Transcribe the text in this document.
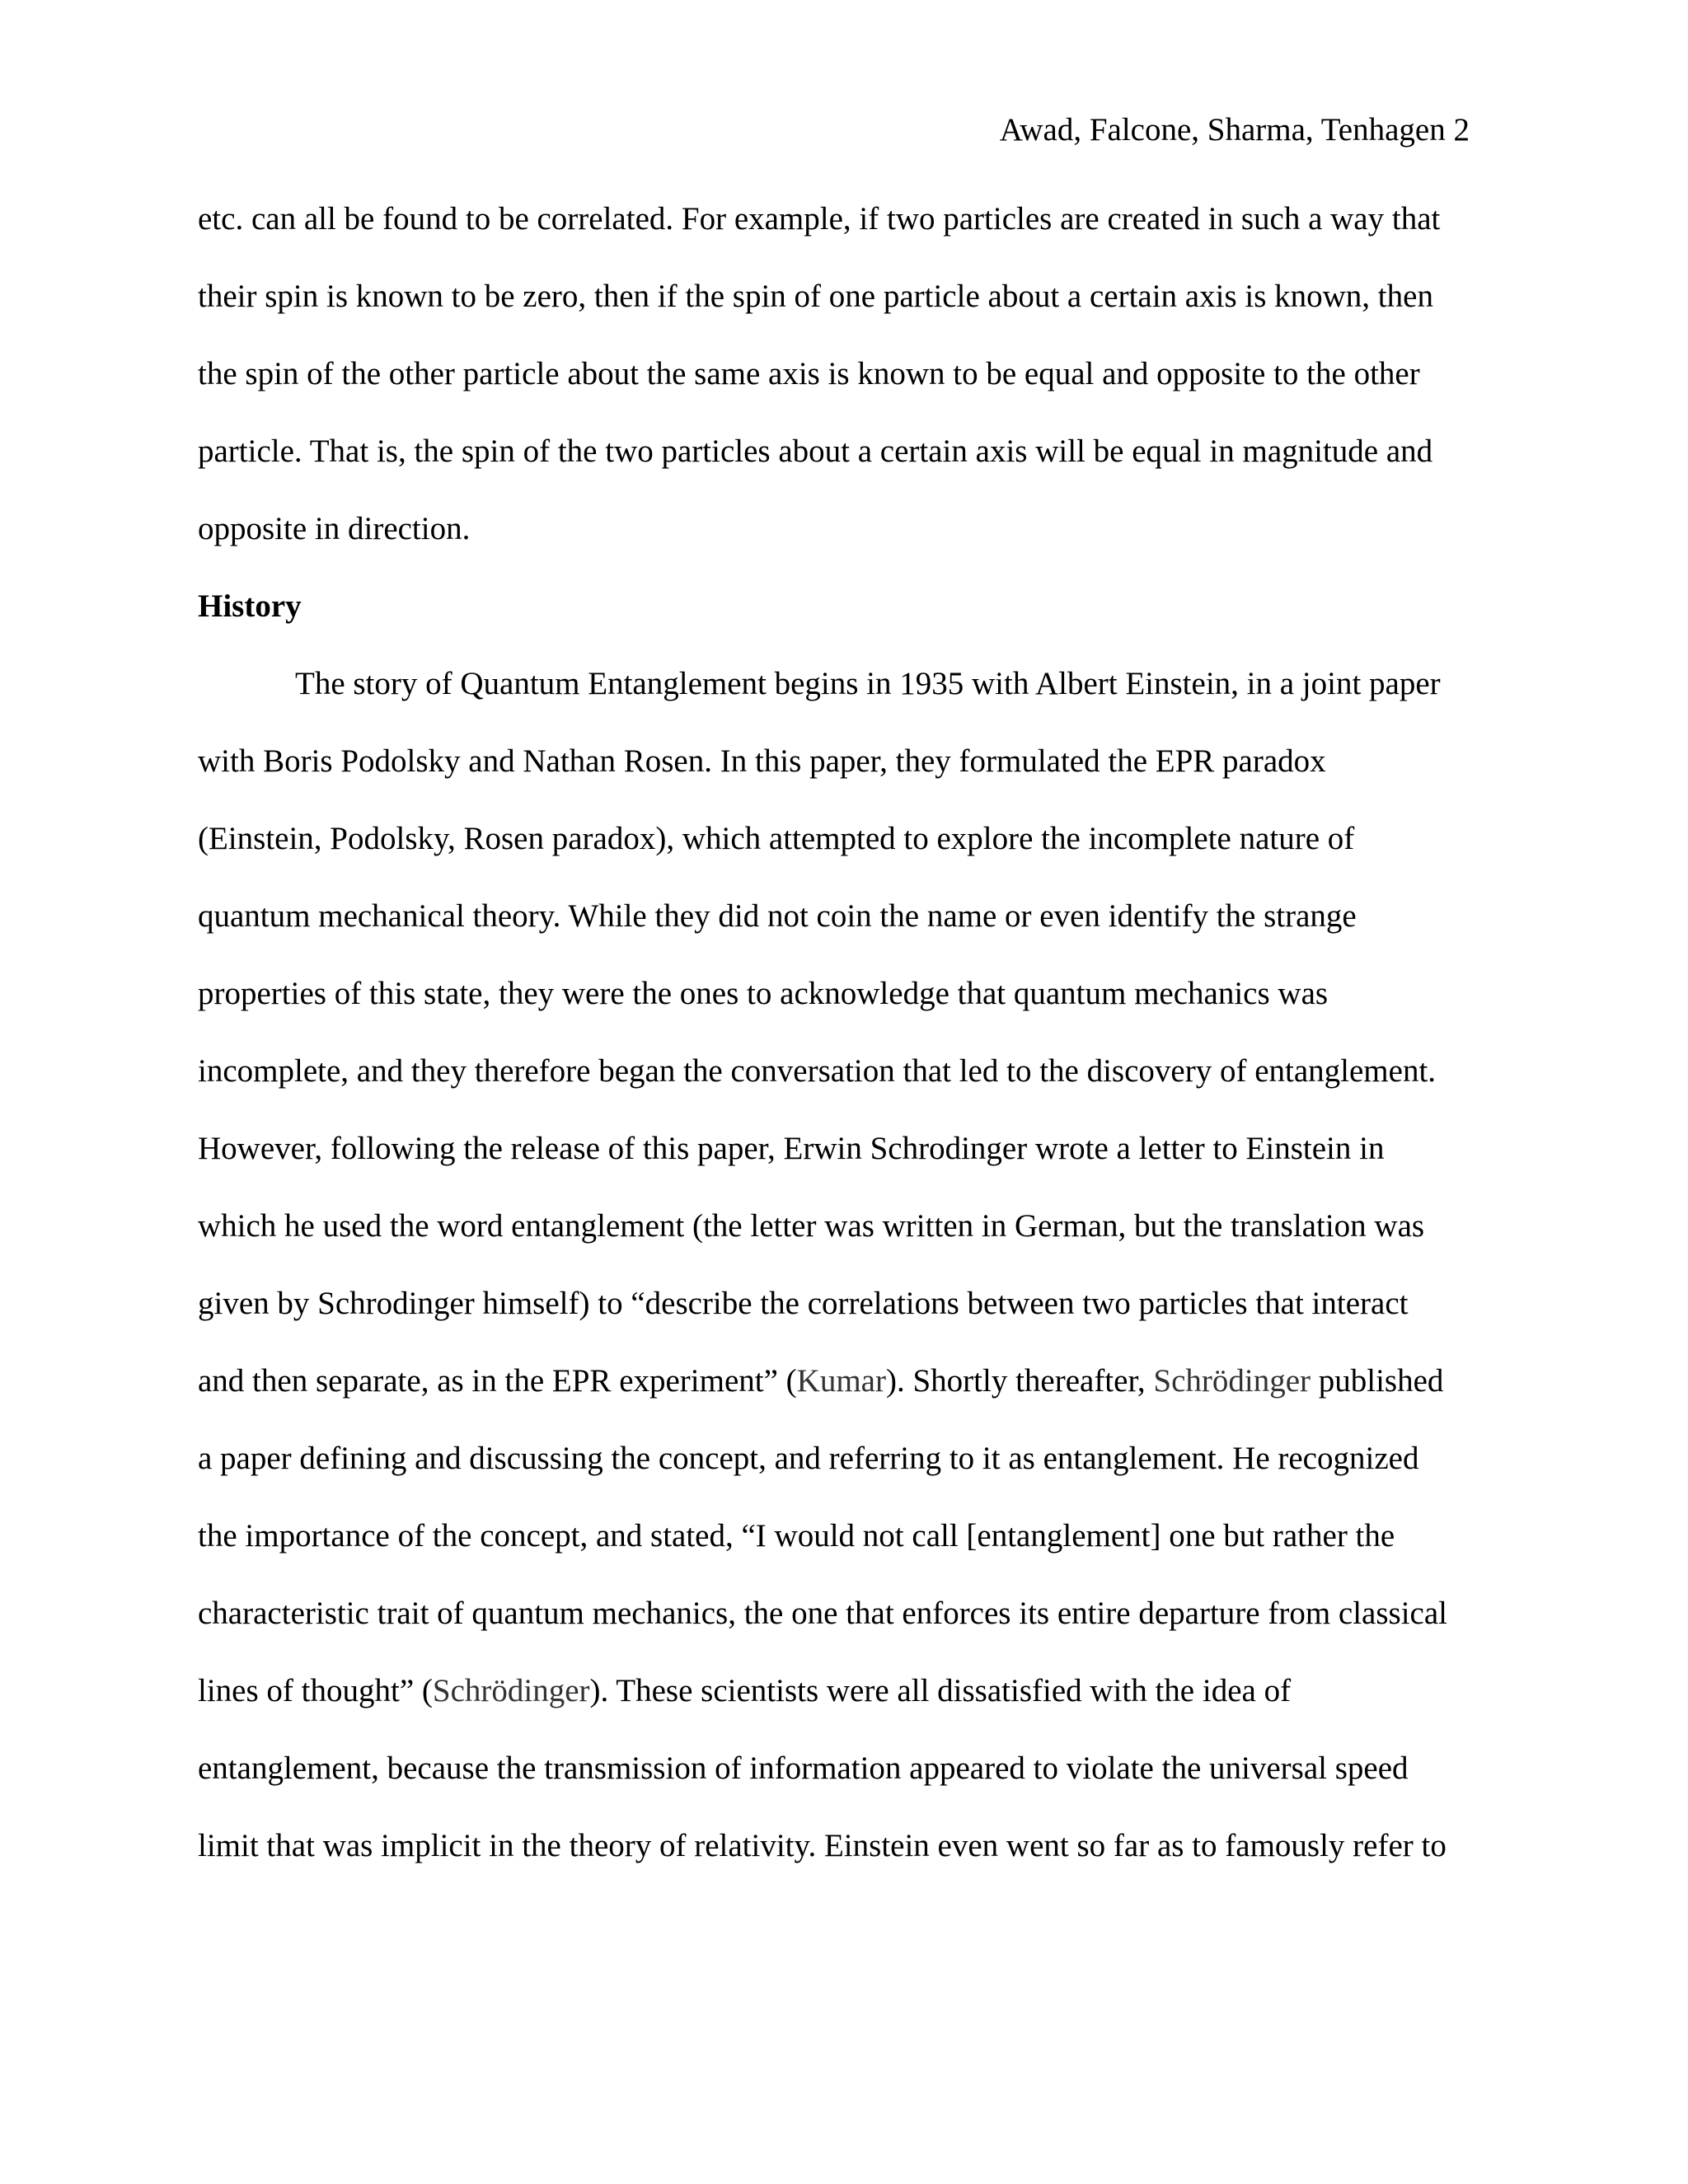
Awad, Falcone, Sharma, Tenhagen 2
etc. can all be found to be correlated. For example, if two particles are created in such a way that
their spin is known to be zero, then if the spin of one particle about a certain axis is known, then
the spin of the other particle about the same axis is known to be equal and opposite to the other
particle. That is, the spin of the two particles about a certain axis will be equal in magnitude and
opposite in direction.
History
The story of Quantum Entanglement begins in 1935 with Albert Einstein, in a joint paper
with Boris Podolsky and Nathan Rosen. In this paper, they formulated the EPR paradox
(Einstein, Podolsky, Rosen paradox), which attempted to explore the incomplete nature of
quantum mechanical theory. While they did not coin the name or even identify the strange
properties of this state, they were the ones to acknowledge that quantum mechanics was
incomplete, and they therefore began the conversation that led to the discovery of entanglement.
However, following the release of this paper, Erwin Schrodinger wrote a letter to Einstein in
which he used the word entanglement (the letter was written in German, but the translation was
given by Schrodinger himself) to “describe the correlations between two particles that interact
and then separate, as in the EPR experiment” (Kumar). Shortly thereafter, Schrödinger published
a paper defining and discussing the concept, and referring to it as entanglement. He recognized
the importance of the concept, and stated, “I would not call [entanglement] one but rather the
characteristic trait of quantum mechanics, the one that enforces its entire departure from classical
lines of thought” (Schrödinger). These scientists were all dissatisfied with the idea of
entanglement, because the transmission of information appeared to violate the universal speed
limit that was implicit in the theory of relativity. Einstein even went so far as to famously refer to
